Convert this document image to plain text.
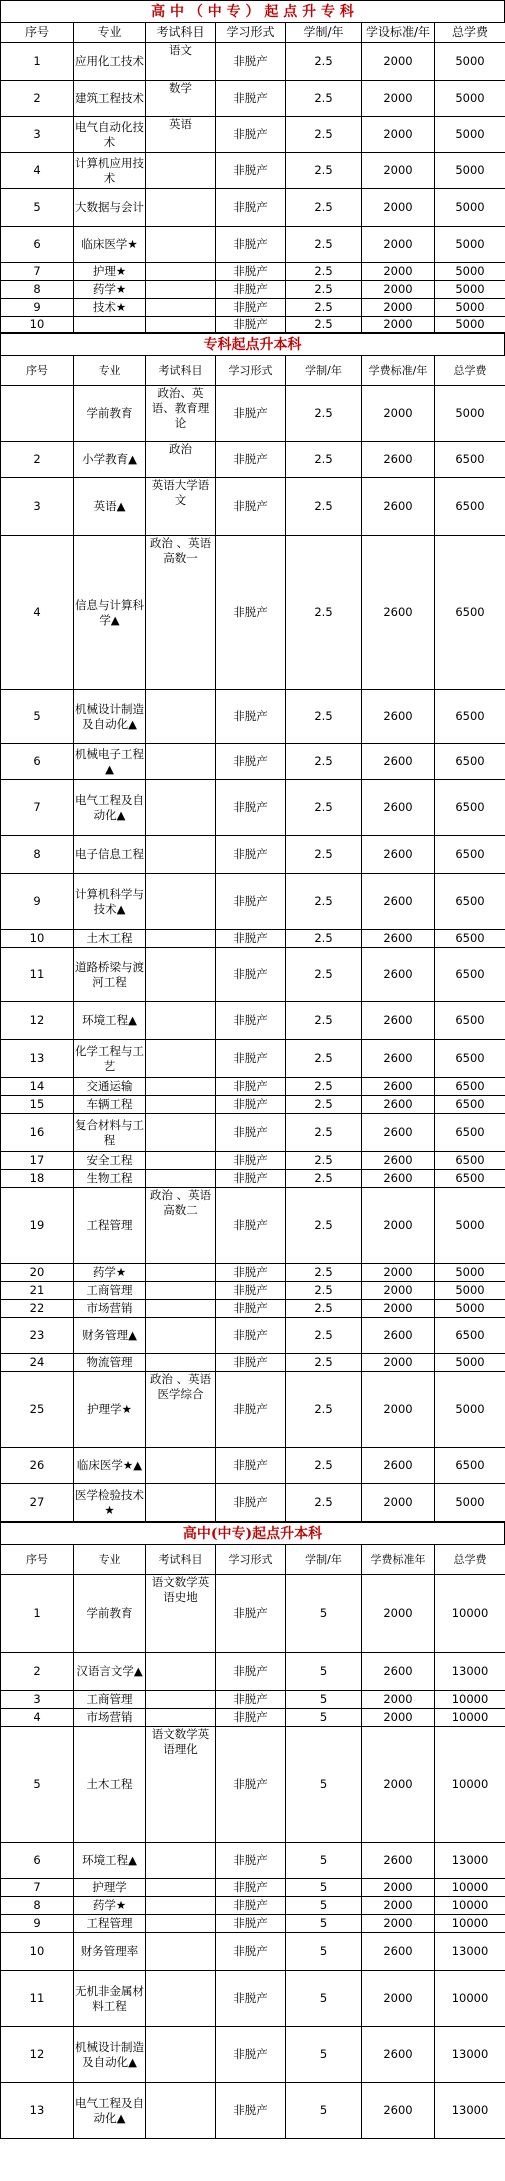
高 中 （ 中 专 ） 起 点 升 专 科
序号	专业	考试科目	学习形式	学制/年	学设标准/年	总学费
1	应用化工技术	语文	非脱产	2.5	2000	5000
2	建筑工程技术	数学	非脱产	2.5	2000	5000
3	电气自动化技术	英语	非脱产	2.5	2000	5000
4	计算机应用技术		非脱产	2.5	2000	5000
5	大数据与会计		非脱产	2.5	2000	5000
6	临床医学★		非脱产	2.5	2000	5000
7	护理★		非脱产	2.5	2000	5000
8	药学★		非脱产	2.5	2000	5000
9	技术★		非脱产	2.5	2000	5000
10			非脱产	2.5	2000	5000
专科起点升本科
序号	专业	考试科目	学习形式	学制/年	学费标准/年	总学费
	学前教育	政治、英语、教育理论	非脱产	2.5	2000	5000
2	小学教育▲	政治	非脱产	2.5	2600	6500
3	英语▲	英语大学语文	非脱产	2.5	2600	6500
4	信息与计算科学▲	政治 、英语高数一	非脱产	2.5	2600	6500
5	机械设计制造及自动化▲		非脱产	2.5	2600	6500
6	机械电子工程▲		非脱产	2.5	2600	6500
7	电气工程及自动化▲		非脱产	2.5	2600	6500
8	电子信息工程		非脱产	2.5	2600	6500
9	计算机科学与技术▲		非脱产	2.5	2600	6500
10	土木工程		非脱产	2.5	2600	6500
11	道路桥梁与渡河工程		非脱产	2.5	2600	6500
12	环境工程▲		非脱产	2.5	2600	6500
13	化学工程与工艺		非脱产	2.5	2600	6500
14	交通运输		非脱产	2.5	2600	6500
15	车辆工程		非脱产	2.5	2600	6500
16	复合材料与工程		非脱产	2.5	2600	6500
17	安全工程		非脱产	2.5	2600	6500
18	生物工程		非脱产	2.5	2600	6500
19	工程管理	政治 、英语高数二	非脱产	2.5	2000	5000
20	药学★		非脱产	2.5	2000	5000
21	工商管理		非脱产	2.5	2000	5000
22	市场营销		非脱产	2.5	2000	5000
23	财务管理▲		非脱产	2.5	2600	6500
24	物流管理		非脱产	2.5	2000	5000
25	护理学★	政治 、英语医学综合	非脱产	2.5	2000	5000
26	临床医学★▲		非脱产	2.5	2600	6500
27	医学检验技术★		非脱产	2.5	2000	5000
高中(中专)起点升本科
序号	专业	考试科目	学习形式	学制/年	学费标准年	总学费
1	学前教育	语文数学英语史地	非脱产	5	2000	10000
2	汉语言文学▲		非脱产	5	2600	13000
3	工商管理		非脱产	5	2000	10000
4	市场营销		非脱产	5	2000	10000
5	土木工程	语文数学英语理化	非脱产	5	2000	10000
6	环境工程▲		非脱产	5	2600	13000
7	护理学		非脱产	5	2000	10000
8	药学★		非脱产	5	2000	10000
9	工程管理		非脱产	5	2000	10000
10	财务管理率		非脱产	5	2600	13000
11	无机非金属材料工程		非脱产	5	2000	10000
12	机械设计制造及自动化▲		非脱产	5	2600	13000
13	电气工程及自动化▲		非脱产	5	2600	13000
